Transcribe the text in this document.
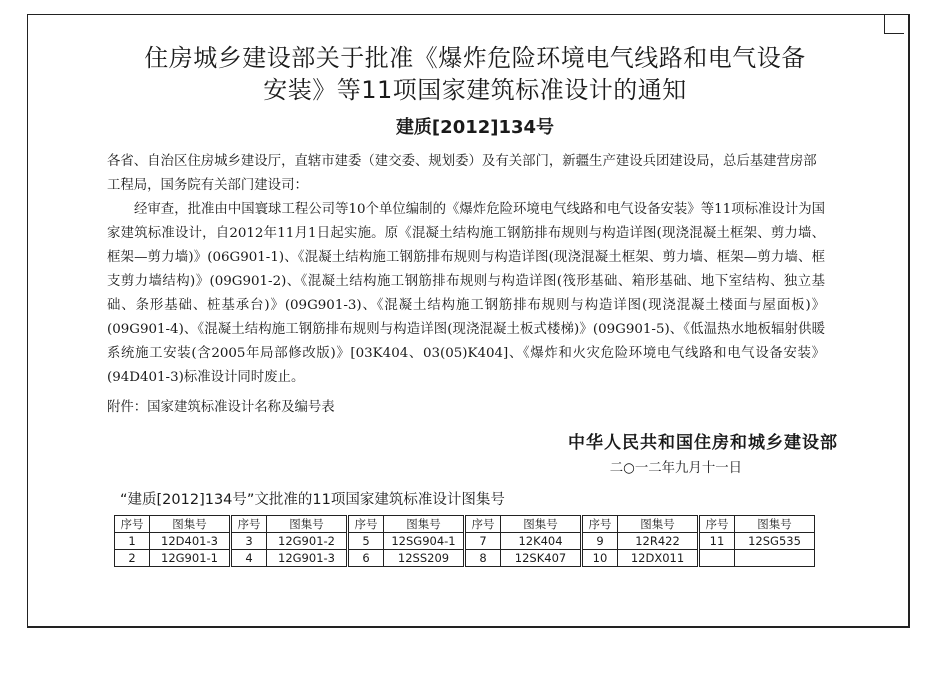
住房城乡建设部关于批准《爆炸危险环境电气线路和电气设备
安装》等11项国家建筑标准设计的通知
建质[2012]134号
各省、自治区住房城乡建设厅，直辖市建委（建交委、规划委）及有关部门，新疆生产建设兵团建设局，总后基建营房部工程局，国务院有关部门建设司：
经审查，批准由中国寰球工程公司等10个单位编制的《爆炸危险环境电气线路和电气设备安装》等11项标准设计为国家建筑标准设计，自2012年11月1日起实施。原《混凝土结构施工钢筋排布规则与构造详图(现浇混凝土框架、剪力墙、框架—剪力墙)》(06G901-1)、《混凝土结构施工钢筋排布规则与构造详图(现浇混凝土框架、剪力墙、框架—剪力墙、框支剪力墙结构)》(09G901-2)、《混凝土结构施工钢筋排布规则与构造详图(筏形基础、箱形基础、地下室结构、独立基础、条形基础、桩基承台)》(09G901-3)、《混凝土结构施工钢筋排布规则与构造详图(现浇混凝土楼面与屋面板)》(09G901-4)、《混凝土结构施工钢筋排布规则与构造详图(现浇混凝土板式楼梯)》(09G901-5)、《低温热水地板辐射供暖系统施工安装(含2005年局部修改版)》[03K404、03(05)K404]、《爆炸和火灾危险环境电气线路和电气设备安装》(94D401-3)标准设计同时废止。
附件：国家建筑标准设计名称及编号表
中华人民共和国住房和城乡建设部
二○一二年九月十一日
“建质[2012]134号”文批准的11项国家建筑标准设计图集号
序号	图集号	序号	图集号	序号	图集号	序号	图集号	序号	图集号	序号	图集号
1	12D401-3	3	12G901-2	5	12SG904-1	7	12K404	9	12R422	11	12SG535
2	12G901-1	4	12G901-3	6	12SS209	8	12SK407	10	12DX011		
